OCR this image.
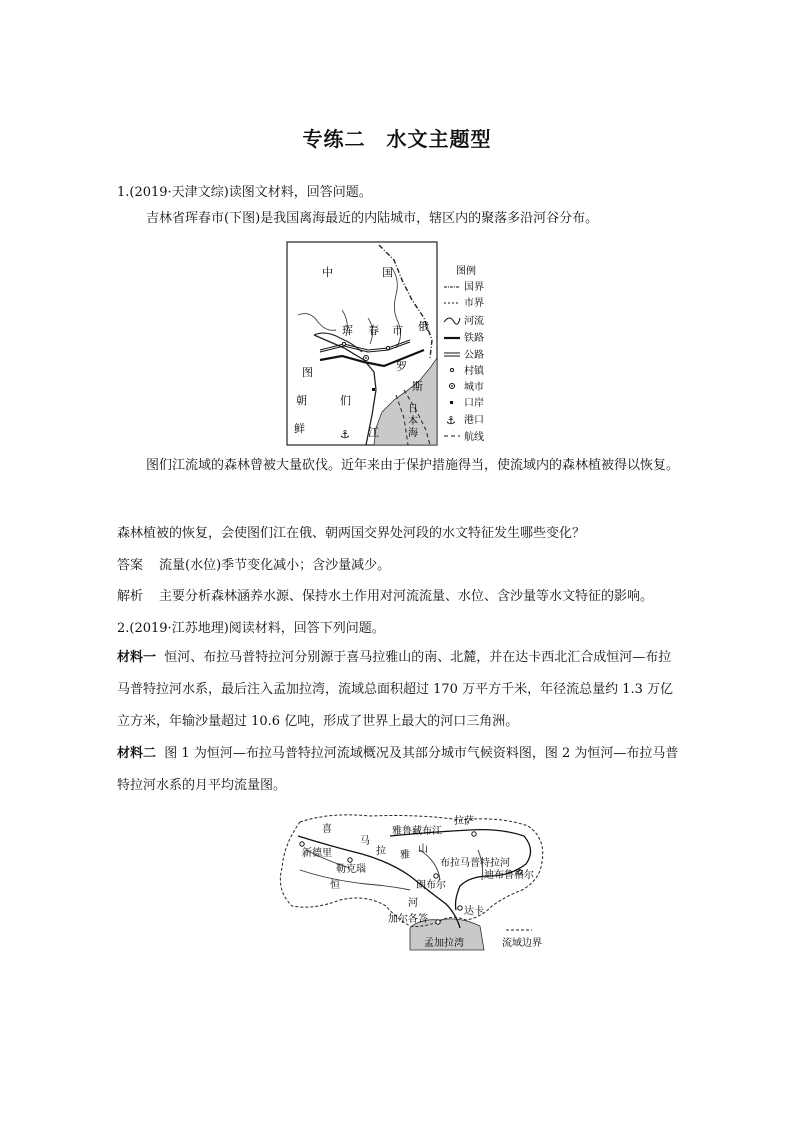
专练二　水文主题型
1.(2019·天津文综)读图文材料，回答问题。
吉林省珲春市(下图)是我国离海最近的内陆城市，辖区内的聚落多沿河谷分布。
⚓
中	国
珲 春 市 俄
罗
斯
图
们
江
朝
鲜
日
本
海
图例
国界
市界
河流
铁路
公路
村镇
城市
口岸
⚓ 港口
航线
图们江流域的森林曾被大量砍伐。近年来由于保护措施得当，使流域内的森林植被得以恢复。
森林植被的恢复，会使图们江在俄、朝两国交界处河段的水文特征发生哪些变化？
答案 流量(水位)季节变化减小；含沙量减少。
解析 主要分析森林涵养水源、保持水土作用对河流流量、水位、含沙量等水文特征的影响。
2.(2019·江苏地理)阅读材料，回答下列问题。
材料一 恒河、布拉马普特拉河分别源于喜马拉雅山的南、北麓，并在达卡西北汇合成恒河—布拉马普特拉河水系，最后注入孟加拉湾，流域总面积超过 170 万平方千米，年径流总量约 1.3 万亿立方米，年输沙量超过 10.6 亿吨，形成了世界上最大的河口三角洲。
材料二 图 1 为恒河—布拉马普特拉河流域概况及其部分城市气候资料图，图 2 为恒河—布拉马普特拉河水系的月平均流量图。
新德里
喜
马
拉 雅
山
雅鲁藏布江
拉萨
勒克瑙
朗布尔
布拉马普特拉河
迪布鲁格尔
恒
河
加尔各答
达卡
孟加拉湾	流域边界
